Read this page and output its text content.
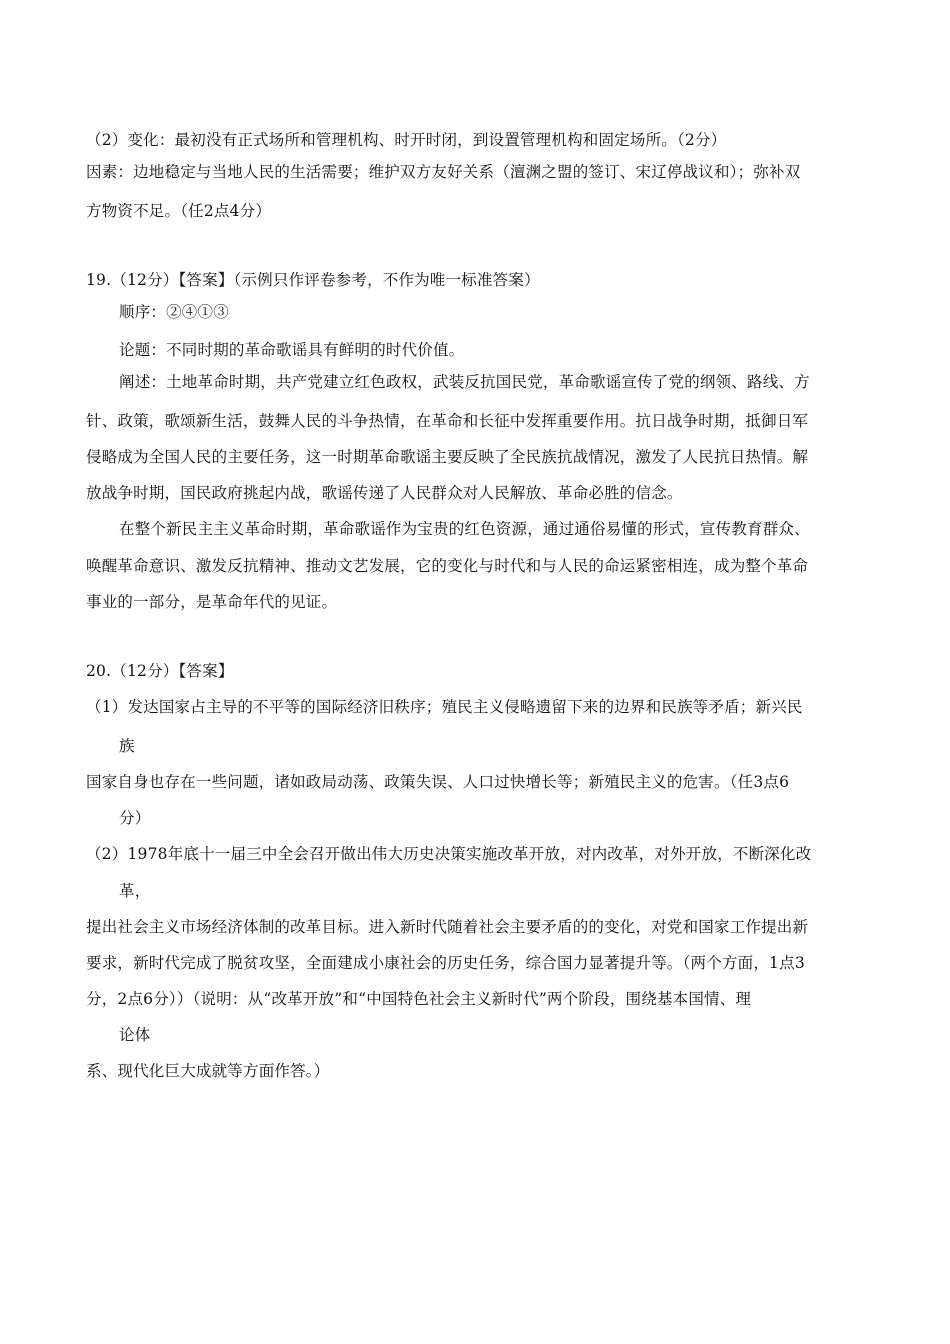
（2）变化：最初没有正式场所和管理机构、时开时闭，到设置管理机构和固定场所。（2分）
因素：边地稳定与当地人民的生活需要；维护双方友好关系（澶渊之盟的签订、宋辽停战议和）；弥补双
方物资不足。（任2点4分）
19.（12分）【答案】（示例只作评卷参考，不作为唯一标准答案）
顺序：②④①③
论题：不同时期的革命歌谣具有鲜明的时代价值。
阐述：土地革命时期，共产党建立红色政权，武装反抗国民党，革命歌谣宣传了党的纲领、路线、方
针、政策，歌颂新生活，鼓舞人民的斗争热情，在革命和长征中发挥重要作用。抗日战争时期，抵御日军
侵略成为全国人民的主要任务，这一时期革命歌谣主要反映了全民族抗战情况，激发了人民抗日热情。解
放战争时期，国民政府挑起内战，歌谣传递了人民群众对人民解放、革命必胜的信念。
在整个新民主主义革命时期，革命歌谣作为宝贵的红色资源，通过通俗易懂的形式，宣传教育群众、
唤醒革命意识、激发反抗精神、推动文艺发展，它的变化与时代和与人民的命运紧密相连，成为整个革命
事业的一部分，是革命年代的见证。
20.（12分）【答案】
（1）发达国家占主导的不平等的国际经济旧秩序；殖民主义侵略遗留下来的边界和民族等矛盾；新兴民
族
国家自身也存在一些问题，诸如政局动荡、政策失误、人口过快增长等；新殖民主义的危害。（任3点6
分）
（2）1978年底十一届三中全会召开做出伟大历史决策实施改革开放，对内改革，对外开放，不断深化改
革，
提出社会主义市场经济体制的改革目标。进入新时代随着社会主要矛盾的的变化，对党和国家工作提出新
要求，新时代完成了脱贫攻坚，全面建成小康社会的历史任务，综合国力显著提升等。（两个方面，1点3
分，2点6分））（说明：从“改革开放”和“中国特色社会主义新时代”两个阶段，围绕基本国情、理
论体
系、现代化巨大成就等方面作答。）
